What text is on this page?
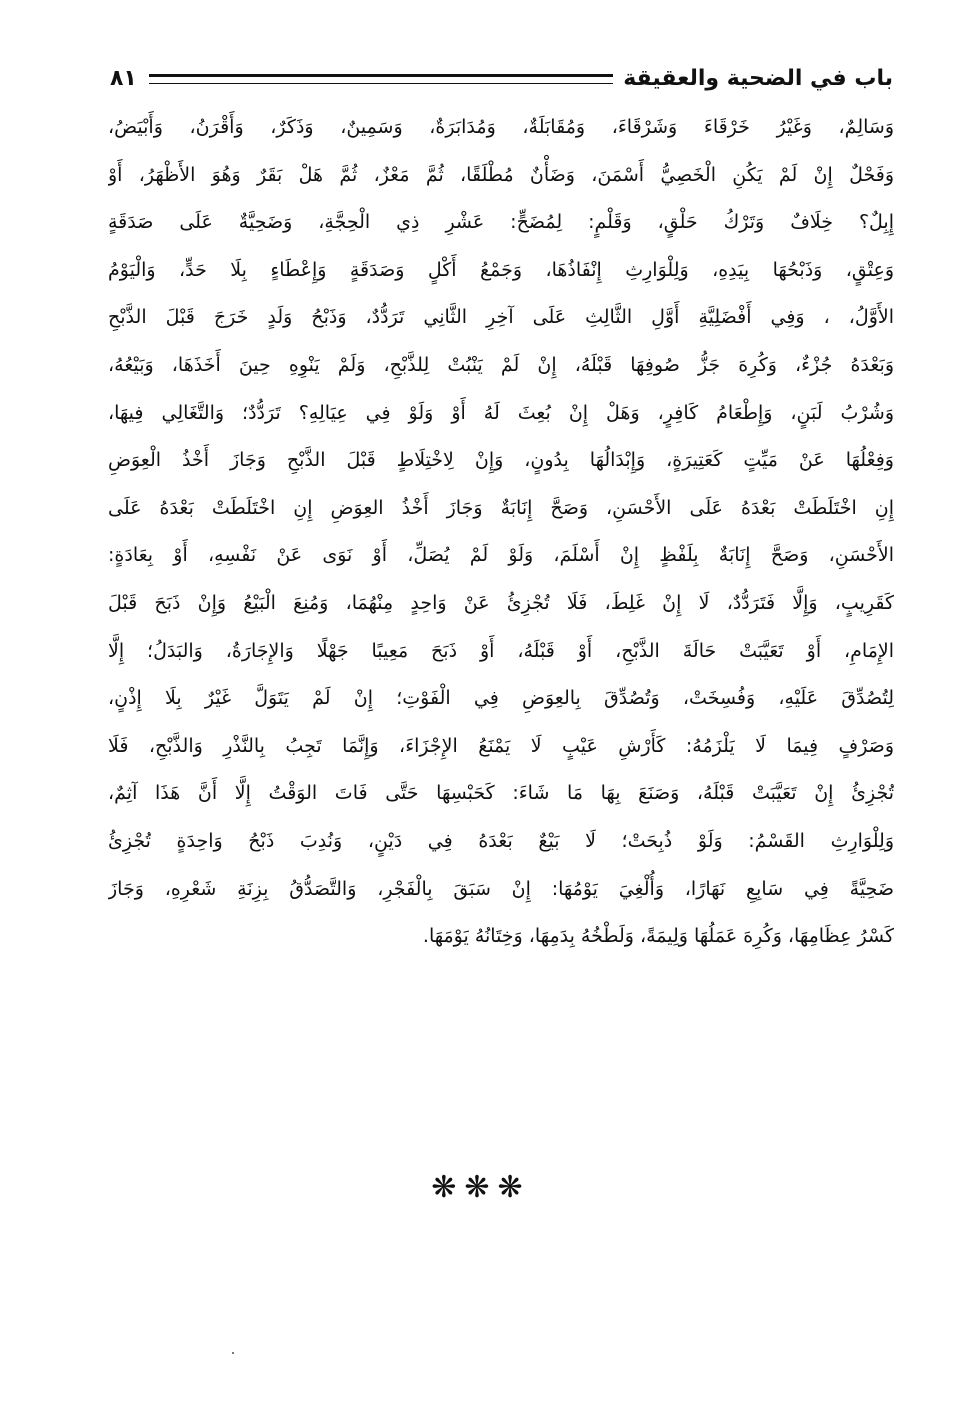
باب في الضحية والعقيقة
٨١
وَسَالِمٌ، وَغَيْرُ خَرْقَاءَ وَشَرْقَاءَ، وَمُقَابَلَةٌ، وَمُدَابَرَةٌ، وَسَمِينٌ، وَذَكَرٌ، وَأَقْرَنُ، وَأَبْيَضُ،
وَفَحْلٌ إِنْ لَمْ يَكُنِ الْخَصِيُّ أَسْمَنَ، وَضَأْنٌ مُطْلَقًا، ثُمَّ مَعْزٌ، ثُمَّ هَلْ بَقَرٌ وَهُوَ الأَظْهَرُ، أَوْ
إِبِلٌ؟ خِلَافٌ وَتَرْكُ حَلْقٍ، وَقَلْمٍ: لِمُضَحٍّ: عَشْرِ ذِي الْحِجَّةِ، وَضَحِيَّةٌ عَلَى صَدَقَةٍ
وَعِتْقٍ، وَذَبْحُهَا بِيَدِهِ، وَلِلْوَارِثِ إِنْفَاذُهَا، وَجَمْعُ أَكْلٍ وَصَدَقَةٍ وَإِعْطَاءٍ بِلَا حَدٍّ، وَالْيَوْمُ
الأَوَّلُ، ، وَفِي أَفْضَلِيَّةِ أَوَّلِ الثَّالِثِ عَلَى آخِرِ الثَّانِي تَرَدُّدٌ، وَذَبْحُ وَلَدٍ خَرَجَ قَبْلَ الذَّبْحِ
وَبَعْدَهُ جُزْءٌ، وَكُرِهَ جَزُّ صُوفِهَا قَبْلَهُ، إِنْ لَمْ يَنْبُتْ لِلذَّبْحِ، وَلَمْ يَنْوِهِ حِينَ أَخَذَهَا، وَبَيْعُهُ،
وَشُرْبُ لَبَنٍ، وَإِطْعَامُ كَافِرٍ، وَهَلْ إِنْ بُعِثَ لَهُ أَوْ وَلَوْ فِي عِيَالِهِ؟ تَرَدُّدٌ؛ وَالتَّغَالِي فِيهَا،
وَفِعْلُهَا عَنْ مَيِّتٍ كَعَتِيرَةٍ، وَإِبْدَالُهَا بِدُونٍ، وَإِنْ لِاخْتِلَاطٍ قَبْلَ الذَّبْحِ وَجَازَ أَخْذُ الْعِوَضِ
إِنِ اخْتَلَطَتْ بَعْدَهُ عَلَى الأَحْسَنِ، وَصَحَّ إِنَابَةٌ وَجَازَ أَخْذُ العِوَضِ إِنِ اخْتَلَطَتْ بَعْدَهُ عَلَى
الأَحْسَنِ، وَصَحَّ إِنَابَةٌ بِلَفْظٍ إِنْ أَسْلَمَ، وَلَوْ لَمْ يُصَلِّ، أَوْ نَوَى عَنْ نَفْسِهِ، أَوْ بِعَادَةٍ:
كَقَرِيبٍ، وَإِلَّا فَتَرَدُّدٌ، لَا إِنْ غَلِطَ، فَلَا تُجْزِئُ عَنْ وَاحِدٍ مِنْهُمَا، وَمُنِعَ الْبَيْعُ وَإِنْ ذَبَحَ قَبْلَ
الإِمَامِ، أَوْ تَعَيَّبَتْ حَالَةَ الذَّبْحِ، أَوْ قَبْلَهُ، أَوْ ذَبَحَ مَعِيبًا جَهْلًا وَالإِجَارَةُ، وَالبَدَلُ؛ إِلَّا
لِتُصُدِّقَ عَلَيْهِ، وَفُسِخَتْ، وَتُصُدِّقَ بِالعِوَضِ فِي الْفَوْتِ؛ إِنْ لَمْ يَتَوَلَّ غَيْرٌ بِلَا إِذْنٍ،
وَصَرْفٍ فِيمَا لَا يَلْزَمُهُ: كَأَرْشِ عَيْبٍ لَا يَمْنَعُ الإِجْزَاءَ، وَإِنَّمَا تَجِبُ بِالنَّذْرِ وَالذَّبْحِ، فَلَا
تُجْزِئُ إِنْ تَعَيَّبَتْ قَبْلَهُ، وَصَنَعَ بِهَا مَا شَاءَ: كَحَبْسِهَا حَتَّى فَاتَ الوَقْتُ إِلَّا أَنَّ هَذَا آثِمٌ،
وَلِلْوَارِثِ القَسْمُ: وَلَوْ ذُبِحَتْ؛ لَا بَيْعٌ بَعْدَهُ فِي دَيْنٍ، وَنُدِبَ ذَبْحُ وَاحِدَةٍ تُجْزِئُ
ضَحِيَّةً فِي سَابِعِ نَهَارًا، وَأُلْغِيَ يَوْمُهَا: إِنْ سَبَقَ بِالْفَجْرِ، وَالتَّصَدُّقُ بِزِنَةِ شَعْرِهِ، وَجَازَ
كَسْرُ عِظَامِهَا، وَكُرِهَ عَمَلُهَا وَلِيمَةً، وَلَطْخُهُ بِدَمِهَا، وَخِتَانُهُ يَوْمَهَا.
❋❋❋
